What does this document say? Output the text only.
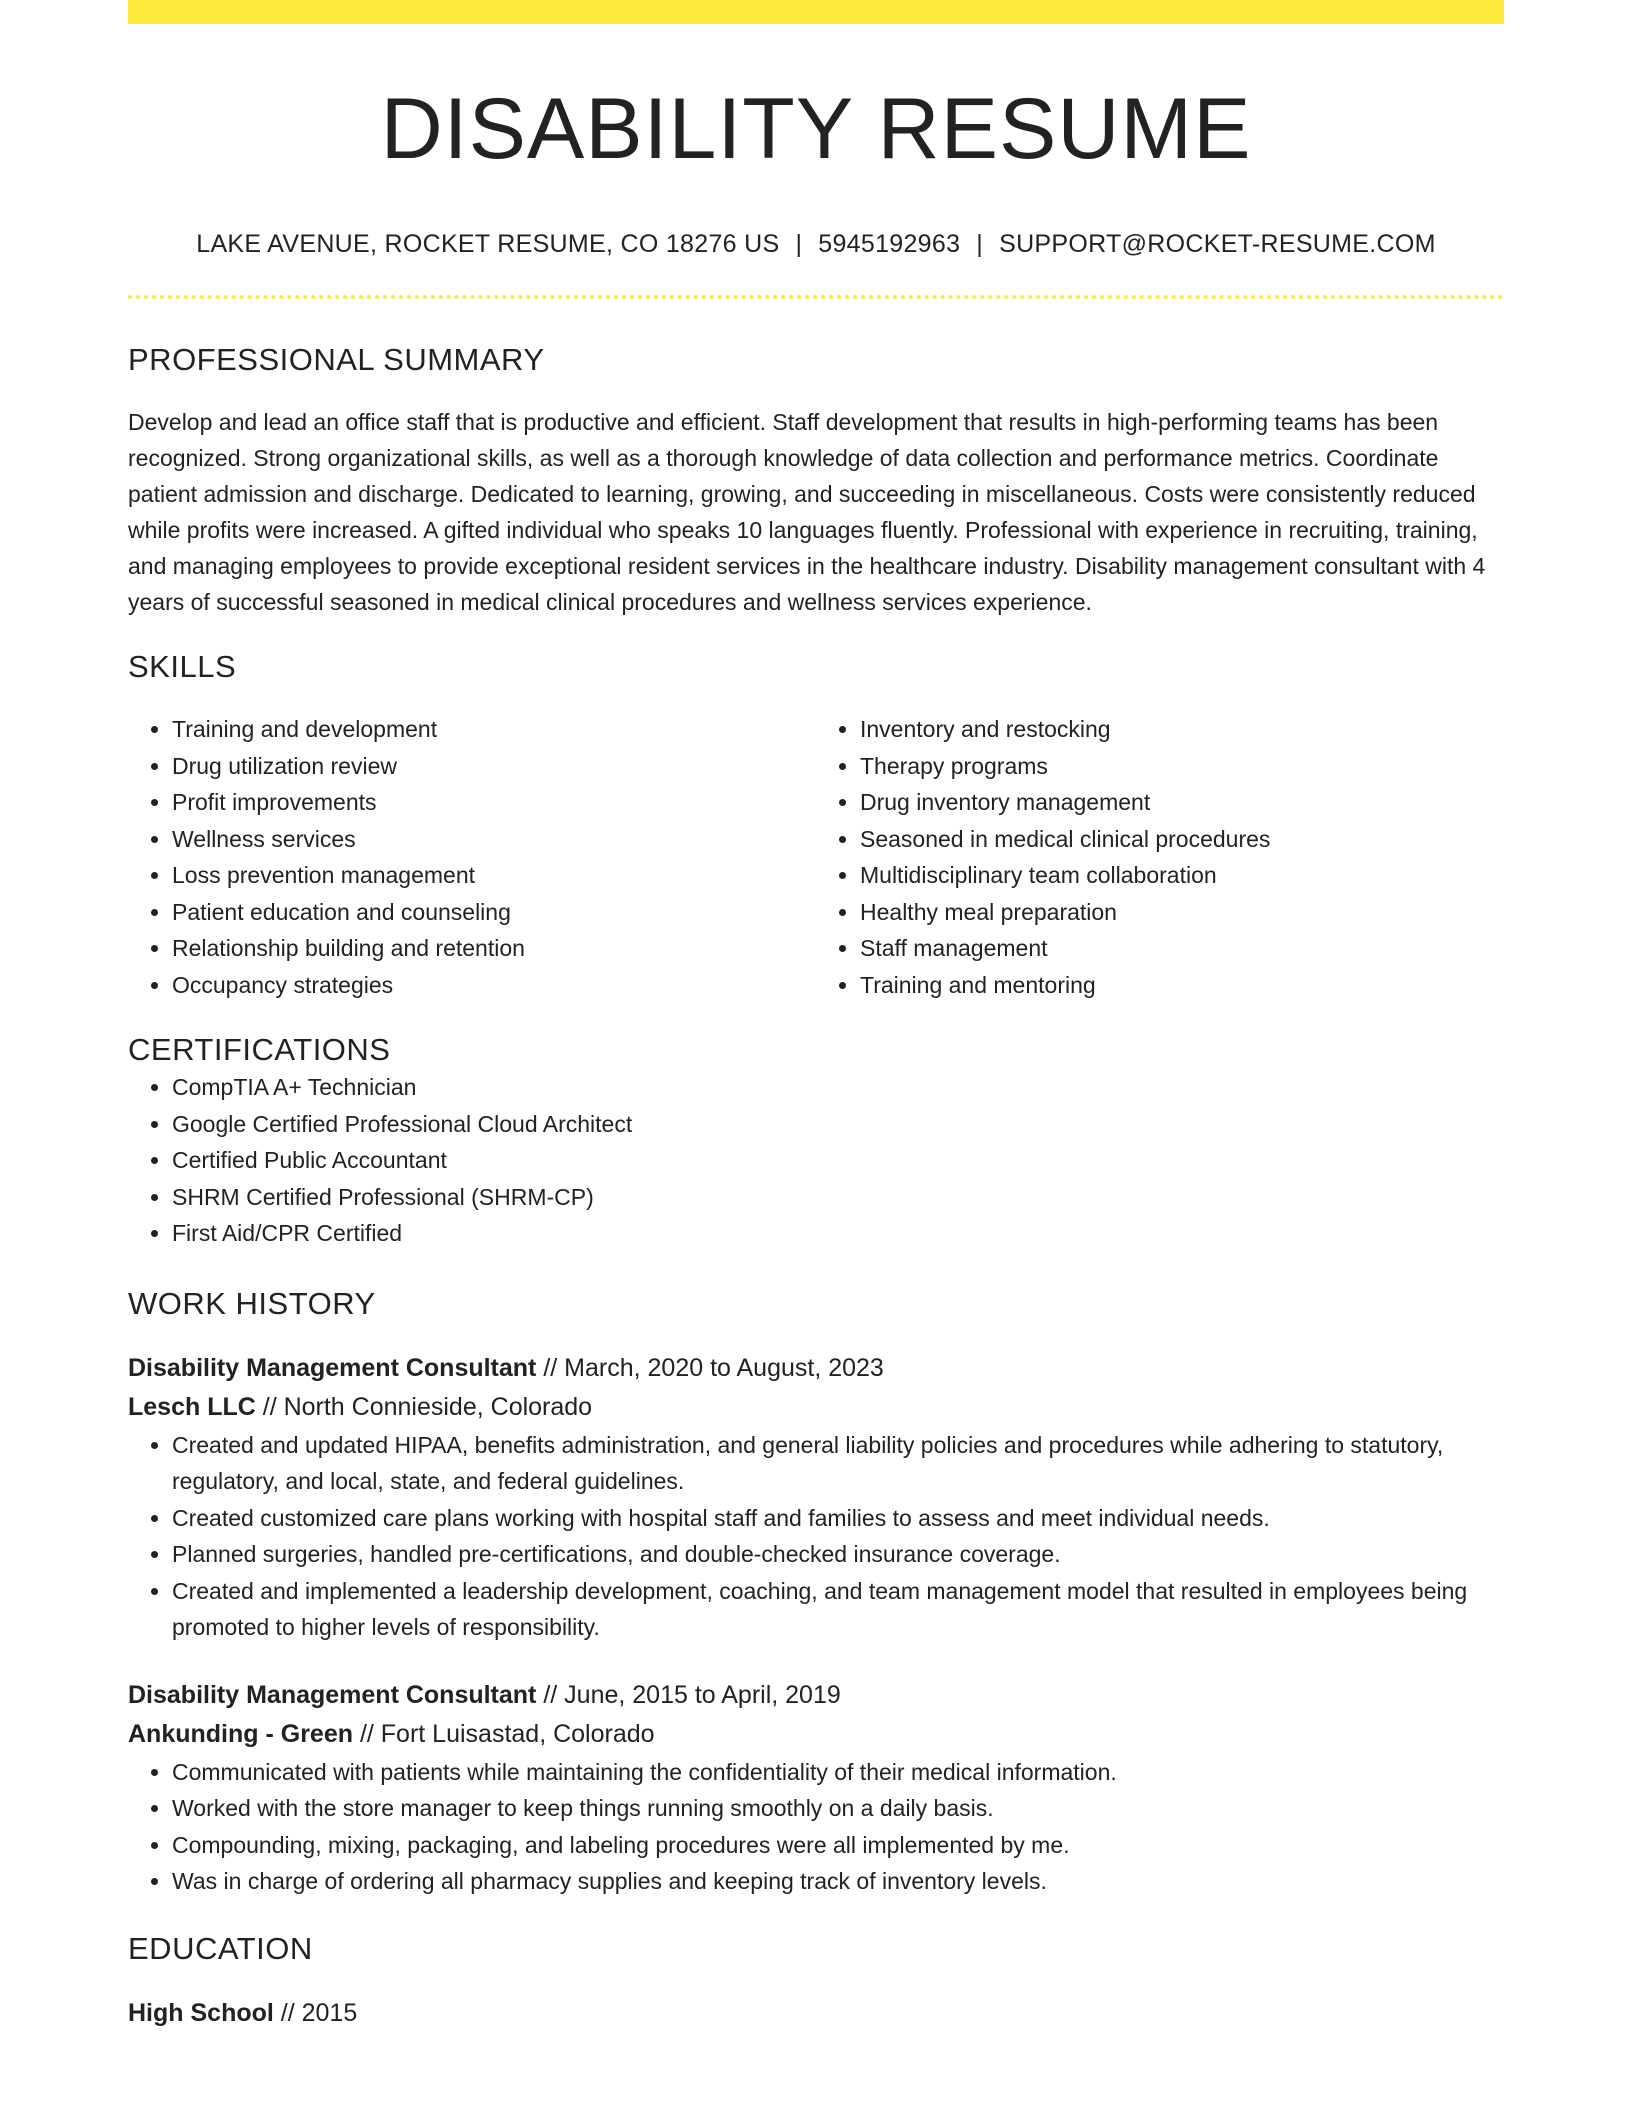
DISABILITY RESUME
LAKE AVENUE, ROCKET RESUME, CO 18276 US | 5945192963 | SUPPORT@ROCKET-RESUME.COM
PROFESSIONAL SUMMARY

Develop and lead an office staff that is productive and efficient. Staff development that results in high-performing teams has been recognized. Strong organizational skills, as well as a thorough knowledge of data collection and performance metrics. Coordinate patient admission and discharge. Dedicated to learning, growing, and succeeding in miscellaneous. Costs were consistently reduced while profits were increased. A gifted individual who speaks 10 languages fluently. Professional with experience in recruiting, training, and managing employees to provide exceptional resident services in the healthcare industry. Disability management consultant with 4 years of successful seasoned in medical clinical procedures and wellness services experience.

SKILLS
• Training and development
• Drug utilization review
• Profit improvements
• Wellness services
• Loss prevention management
• Patient education and counseling
• Relationship building and retention
• Occupancy strategies
• Inventory and restocking
• Therapy programs
• Drug inventory management
• Seasoned in medical clinical procedures
• Multidisciplinary team collaboration
• Healthy meal preparation
• Staff management
• Training and mentoring
CERTIFICATIONS
• CompTIA A+ Technician
• Google Certified Professional Cloud Architect
• Certified Public Accountant
• SHRM Certified Professional (SHRM-CP)
• First Aid/CPR Certified
WORK HISTORY
Disability Management Consultant // March, 2020 to August, 2023
Lesch LLC // North Connieside, Colorado
• Created and updated HIPAA, benefits administration, and general liability policies and procedures while adhering to statutory, regulatory, and local, state, and federal guidelines.
• Created customized care plans working with hospital staff and families to assess and meet individual needs.
• Planned surgeries, handled pre-certifications, and double-checked insurance coverage.
• Created and implemented a leadership development, coaching, and team management model that resulted in employees being promoted to higher levels of responsibility.
Disability Management Consultant // June, 2015 to April, 2019
Ankunding - Green // Fort Luisastad, Colorado
• Communicated with patients while maintaining the confidentiality of their medical information.
• Worked with the store manager to keep things running smoothly on a daily basis.
• Compounding, mixing, packaging, and labeling procedures were all implemented by me.
• Was in charge of ordering all pharmacy supplies and keeping track of inventory levels.
EDUCATION
High School // 2015
